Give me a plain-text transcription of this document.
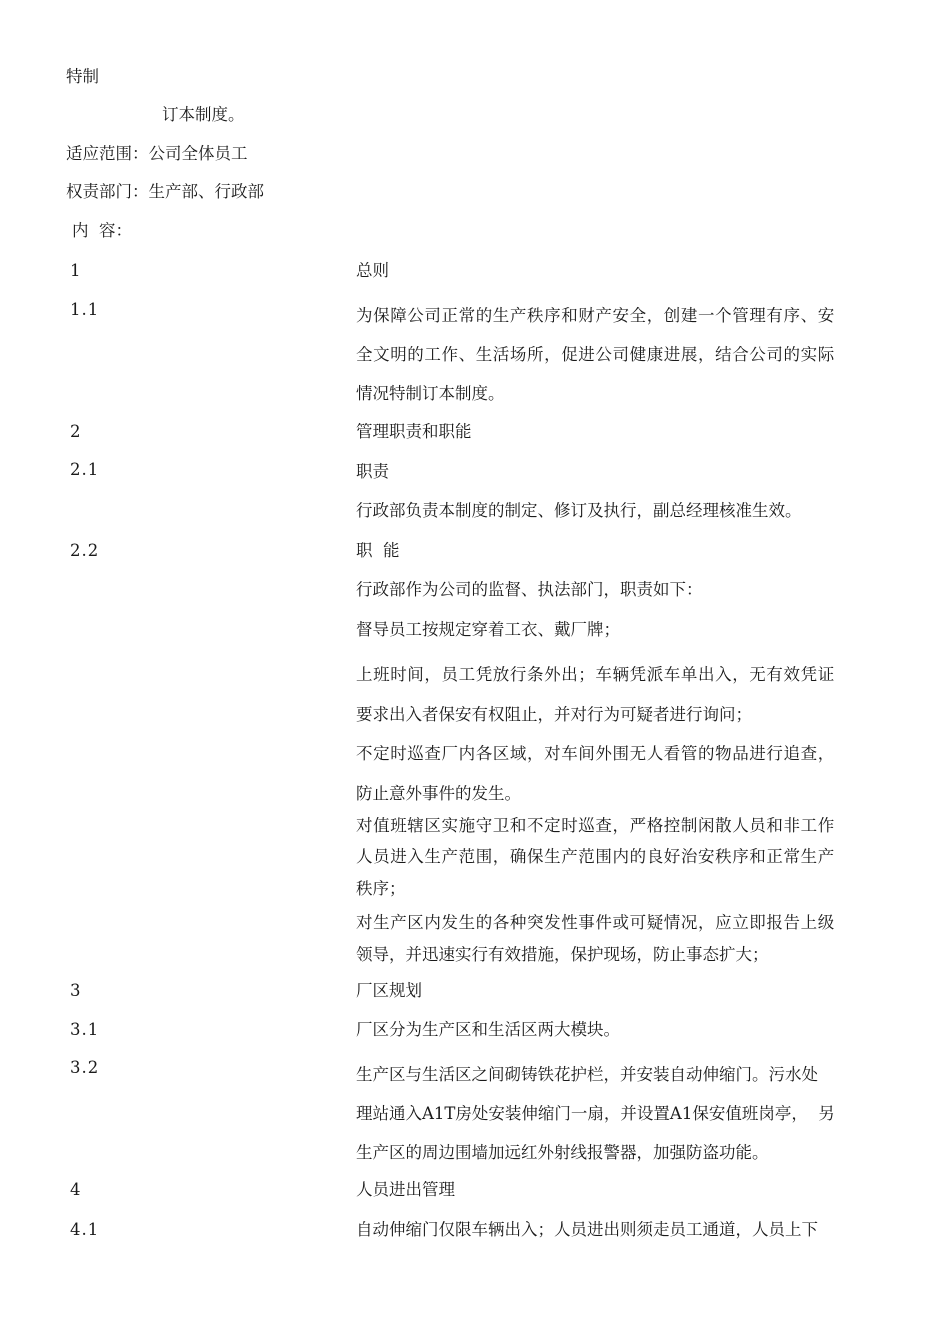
特制
订本制度。
适应范围：公司全体员工
权责部门：生产部、行政部
内  容：
1	总则
1.1	为保障公司正常的生产秩序和财产安全，创建一个管理有序、安
全文明的工作、生活场所，促进公司健康进展，结合公司的实际
情况特制订本制度。
2	管理职责和职能
2.1	职责
行政部负责本制度的制定、修订及执行，副总经理核准生效。
2.2	职  能
行政部作为公司的监督、执法部门，职责如下：
督导员工按规定穿着工衣、戴厂牌；
上班时间，员工凭放行条外出；车辆凭派车单出入，无有效凭证
要求出入者保安有权阻止，并对行为可疑者进行询问；
不定时巡查厂内各区域，对车间外围无人看管的物品进行追查，
防止意外事件的发生。
对值班辖区实施守卫和不定时巡查，严格控制闲散人员和非工作
人员进入生产范围，确保生产范围内的良好治安秩序和正常生产
秩序；
对生产区内发生的各种突发性事件或可疑情况，应立即报告上级
领导，并迅速实行有效措施，保护现场，防止事态扩大；
3	厂区规划
3.1	厂区分为生产区和生活区两大模块。
3.2	生产区与生活区之间砌铸铁花护栏，并安装自动伸缩门。污水处
理站通入A1T房处安装伸缩门一扇，并设置A1保安值班岗亭，  另
生产区的周边围墙加远红外射线报警器，加强防盗功能。
4	人员进出管理
4.1	自动伸缩门仅限车辆出入；人员进出则须走员工通道，人员上下
